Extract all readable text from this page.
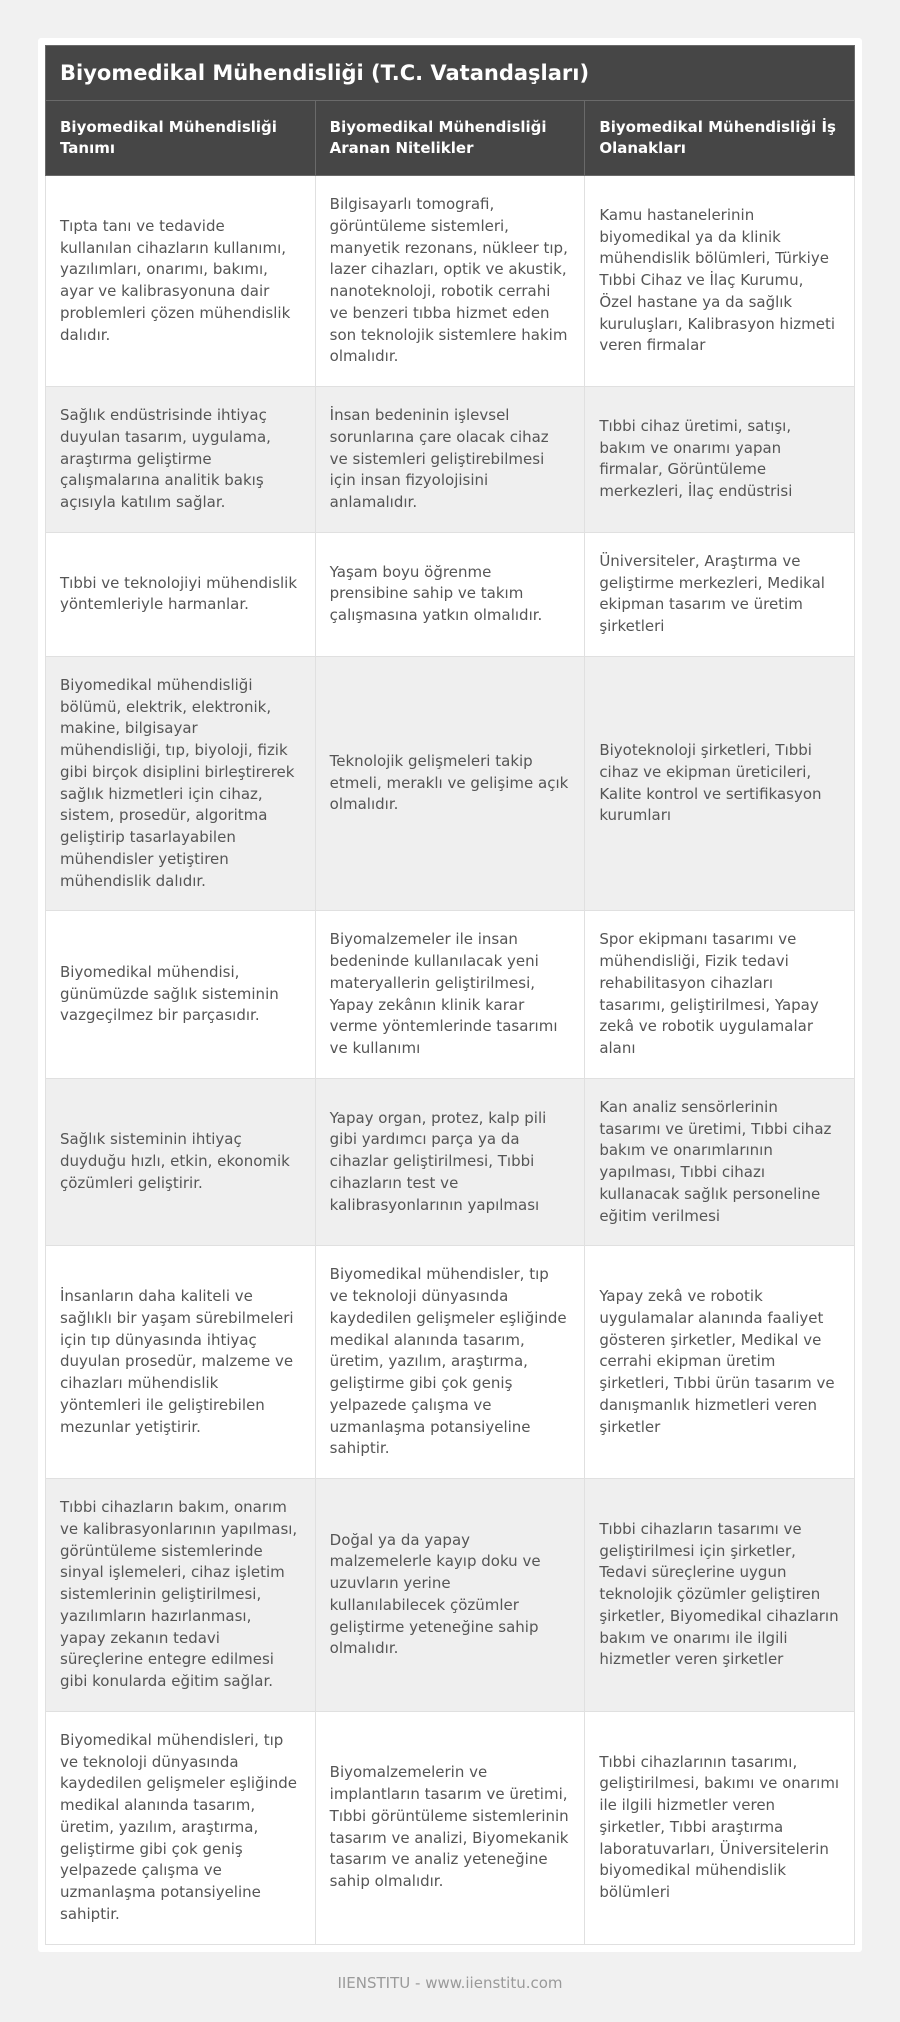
Biyomedikal Mühendisliği (T.C. Vatandaşları)		
Biyomedikal Mühendisliği Tanımı	Biyomedikal Mühendisliği Aranan Nitelikler	Biyomedikal Mühendisliği İş Olanakları
Tıpta tanı ve tedavide kullanılan cihazların kullanımı, yazılımları, onarımı, bakımı, ayar ve kalibrasyonuna dair problemleri çözen mühendislik dalıdır.	Bilgisayarlı tomografi, görüntüleme sistemleri, manyetik rezonans, nükleer tıp, lazer cihazları, optik ve akustik, nanoteknoloji, robotik cerrahi ve benzeri tıbba hizmet eden son teknolojik sistemlere hakim olmalıdır.	Kamu hastanelerinin biyomedikal ya da klinik mühendislik bölümleri, Türkiye Tıbbi Cihaz ve İlaç Kurumu, Özel hastane ya da sağlık kuruluşları, Kalibrasyon hizmeti veren firmalar
Sağlık endüstrisinde ihtiyaç duyulan tasarım, uygulama, araştırma geliştirme çalışmalarına analitik bakış açısıyla katılım sağlar.	İnsan bedeninin işlevsel sorunlarına çare olacak cihaz ve sistemleri geliştirebilmesi için insan fizyolojisini anlamalıdır.	Tıbbi cihaz üretimi, satışı, bakım ve onarımı yapan firmalar, Görüntüleme merkezleri, İlaç endüstrisi
Tıbbi ve teknolojiyi mühendislik yöntemleriyle harmanlar.	Yaşam boyu öğrenme prensibine sahip ve takım çalışmasına yatkın olmalıdır.	Üniversiteler, Araştırma ve geliştirme merkezleri, Medikal ekipman tasarım ve üretim şirketleri
Biyomedikal mühendisliği bölümü, elektrik, elektronik, makine, bilgisayar mühendisliği, tıp, biyoloji, fizik gibi birçok disiplini birleştirerek sağlık hizmetleri için cihaz, sistem, prosedür, algoritma geliştirip tasarlayabilen mühendisler yetiştiren mühendislik dalıdır.	Teknolojik gelişmeleri takip etmeli, meraklı ve gelişime açık olmalıdır.	Biyoteknoloji şirketleri, Tıbbi cihaz ve ekipman üreticileri, Kalite kontrol ve sertifikasyon kurumları
Biyomedikal mühendisi, günümüzde sağlık sisteminin vazgeçilmez bir parçasıdır.	Biyomalzemeler ile insan bedeninde kullanılacak yeni materyallerin geliştirilmesi, Yapay zekânın klinik karar verme yöntemlerinde tasarımı ve kullanımı	Spor ekipmanı tasarımı ve mühendisliği, Fizik tedavi rehabilitasyon cihazları tasarımı, geliştirilmesi, Yapay zekâ ve robotik uygulamalar alanı
Sağlık sisteminin ihtiyaç duyduğu hızlı, etkin, ekonomik çözümleri geliştirir.	Yapay organ, protez, kalp pili gibi yardımcı parça ya da cihazlar geliştirilmesi, Tıbbi cihazların test ve kalibrasyonlarının yapılması	Kan analiz sensörlerinin tasarımı ve üretimi, Tıbbi cihaz bakım ve onarımlarının yapılması, Tıbbi cihazı kullanacak sağlık personeline eğitim verilmesi
İnsanların daha kaliteli ve sağlıklı bir yaşam sürebilmeleri için tıp dünyasında ihtiyaç duyulan prosedür, malzeme ve cihazları mühendislik yöntemleri ile geliştirebilen mezunlar yetiştirir.	Biyomedikal mühendisler, tıp ve teknoloji dünyasında kaydedilen gelişmeler eşliğinde medikal alanında tasarım, üretim, yazılım, araştırma, geliştirme gibi çok geniş yelpazede çalışma ve uzmanlaşma potansiyeline sahiptir.	Yapay zekâ ve robotik uygulamalar alanında faaliyet gösteren şirketler, Medikal ve cerrahi ekipman üretim şirketleri, Tıbbi ürün tasarım ve danışmanlık hizmetleri veren şirketler
Tıbbi cihazların bakım, onarım ve kalibrasyonlarının yapılması, görüntüleme sistemlerinde sinyal işlemeleri, cihaz işletim sistemlerinin geliştirilmesi, yazılımların hazırlanması, yapay zekanın tedavi süreçlerine entegre edilmesi gibi konularda eğitim sağlar.	Doğal ya da yapay malzemelerle kayıp doku ve uzuvların yerine kullanılabilecek çözümler geliştirme yeteneğine sahip olmalıdır.	Tıbbi cihazların tasarımı ve geliştirilmesi için şirketler, Tedavi süreçlerine uygun teknolojik çözümler geliştiren şirketler, Biyomedikal cihazların bakım ve onarımı ile ilgili hizmetler veren şirketler
Biyomedikal mühendisleri, tıp ve teknoloji dünyasında kaydedilen gelişmeler eşliğinde medikal alanında tasarım, üretim, yazılım, araştırma, geliştirme gibi çok geniş yelpazede çalışma ve uzmanlaşma potansiyeline sahiptir.	Biyomalzemelerin ve implantların tasarım ve üretimi, Tıbbi görüntüleme sistemlerinin tasarım ve analizi, Biyomekanik tasarım ve analiz yeteneğine sahip olmalıdır.	Tıbbi cihazlarının tasarımı, geliştirilmesi, bakımı ve onarımı ile ilgili hizmetler veren şirketler, Tıbbi araştırma laboratuvarları, Üniversitelerin biyomedikal mühendislik bölümleri
IIENSTITU - www.iienstitu.com
